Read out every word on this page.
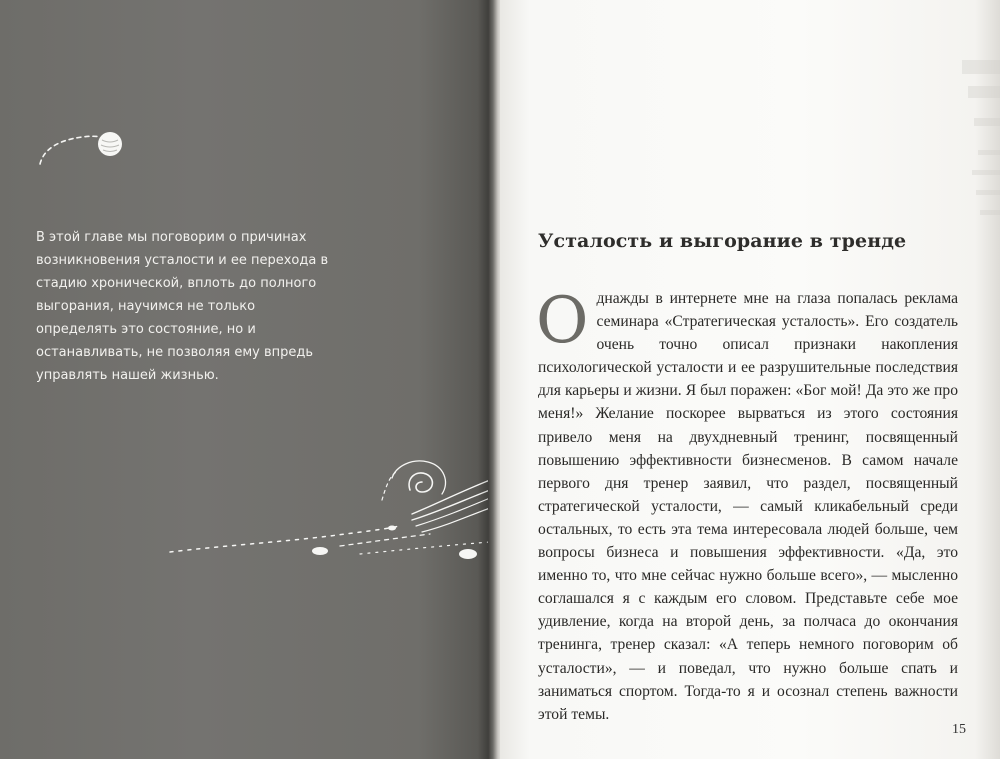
В этой главе мы поговорим о причинах возникновения усталости и ее перехода в стадию хронической, вплоть до полного выгорания, научимся не только определять это состояние, но и останавливать, не позволяя ему впредь управлять нашей жизнью.

Усталость и выгорание в тренде

Однажды в интернете мне на глаза попалась реклама семинара «Стратегическая усталость». Его создатель очень точно описал признаки накопления психологической усталости и ее разрушительные последствия для карьеры и жизни. Я был поражен: «Бог мой! Да это же про меня!» Желание поскорее вырваться из этого состояния привело меня на двухдневный тренинг, посвященный повышению эффективности бизнесменов. В самом начале первого дня тренер заявил, что раздел, посвященный стратегической усталости, — самый кликабельный среди остальных, то есть эта тема интересовала людей больше, чем вопросы бизнеса и повышения эффективности. «Да, это именно то, что мне сейчас нужно больше всего», — мысленно соглашался я с каждым его словом. Представьте себе мое удивление, когда на второй день, за полчаса до окончания тренинга, тренер сказал: «А теперь немного поговорим об усталости», — и поведал, что нужно больше спать и заниматься спортом. Тогда-то я и осознал степень важности этой темы.

15
